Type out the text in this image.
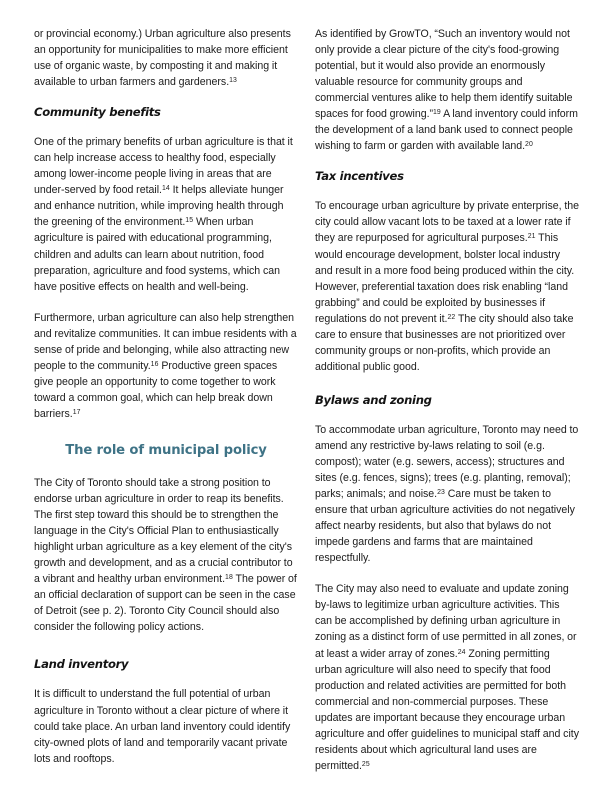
or provincial economy.) Urban agriculture also presents an opportunity for municipalities to make more efficient use of organic waste, by composting it and making it available to urban farmers and gardeners.$^{13}$

Community benefits

One of the primary benefits of urban agriculture is that it can help increase access to healthy food, especially among lower-income people living in areas that are under-served by food retail.$^{14}$ It helps alleviate hunger and enhance nutrition, while improving health through the greening of the environment.$^{15}$ When urban agriculture is paired with educational programming, children and adults can learn about nutrition, food preparation, agriculture and food systems, which can have positive effects on health and well-being.

Furthermore, urban agriculture can also help strengthen and revitalize communities. It can imbue residents with a sense of pride and belonging, while also attracting new people to the community.$^{16}$ Productive green spaces give people an opportunity to come together to work toward a common goal, which can help break down barriers.$^{17}$

The role of municipal policy

The City of Toronto should take a strong position to endorse urban agriculture in order to reap its benefits. The first step toward this should be to strengthen the language in the City's Official Plan to enthusiastically highlight urban agriculture as a key element of the city's growth and development, and as a crucial contributor to a vibrant and healthy urban environment.$^{18}$ The power of an official declaration of support can be seen in the case of Detroit (see p. 2). Toronto City Council should also consider the following policy actions.

Land inventory

It is difficult to understand the full potential of urban agriculture in Toronto without a clear picture of where it could take place. An urban land inventory could identify city-owned plots of land and temporarily vacant private lots and rooftops.

As identified by GrowTO, “Such an inventory would not only provide a clear picture of the city's food-growing potential, but it would also provide an enormously valuable resource for community groups and commercial ventures alike to help them identify suitable spaces for food growing.”$^{19}$ A land inventory could inform the development of a land bank used to connect people wishing to farm or garden with available land.$^{20}$

Tax incentives

To encourage urban agriculture by private enterprise, the city could allow vacant lots to be taxed at a lower rate if they are repurposed for agricultural purposes.$^{21}$ This would encourage development, bolster local industry and result in a more food being produced within the city. However, preferential taxation does risk enabling “land grabbing” and could be exploited by businesses if regulations do not prevent it.$^{22}$ The city should also take care to ensure that businesses are not prioritized over community groups or non-profits, which provide an additional public good.

Bylaws and zoning

To accommodate urban agriculture, Toronto may need to amend any restrictive by-laws relating to soil (e.g. compost); water (e.g. sewers, access); structures and sites (e.g. fences, signs); trees (e.g. planting, removal); parks; animals; and noise.$^{23}$ Care must be taken to ensure that urban agriculture activities do not negatively affect nearby residents, but also that bylaws do not impede gardens and farms that are maintained respectfully.

The City may also need to evaluate and update zoning by-laws to legitimize urban agriculture activities. This can be accomplished by defining urban agriculture in zoning as a distinct form of use permitted in all zones, or at least a wider array of zones.$^{24}$ Zoning permitting urban agriculture will also need to specify that food production and related activities are permitted for both commercial and non-commercial purposes. These updates are important because they encourage urban agriculture and offer guidelines to municipal staff and city residents about which agricultural land uses are permitted.$^{25}$
